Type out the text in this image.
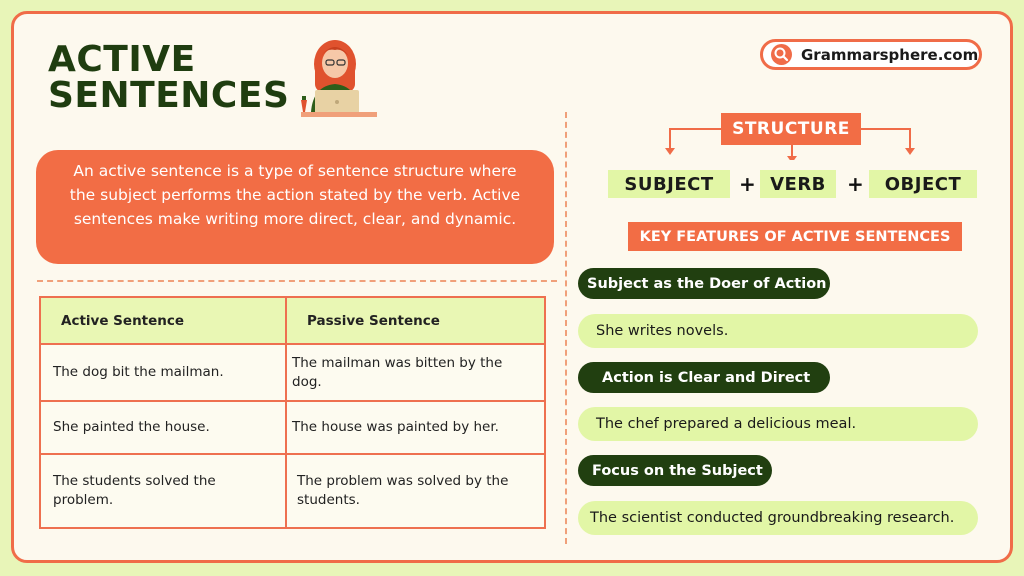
ACTIVE
SENTENCES
Grammarsphere.com
An active sentence is a type of sentence structure where the subject performs the action stated by the verb. Active sentences make writing more direct, clear, and dynamic.
Active Sentence	Passive Sentence
The dog bit the mailman.	The mailman was bitten by the dog.
She painted the house.	The house was painted by her.
The students solved the problem.	The problem was solved by the students.
STRUCTURE
SUBJECT	+ VERB	+	OBJECT
KEY FEATURES OF ACTIVE SENTENCES
Subject as the Doer of Action
She writes novels.
Action is Clear and Direct
The chef prepared a delicious meal.
Focus on the Subject
The scientist conducted groundbreaking research.
